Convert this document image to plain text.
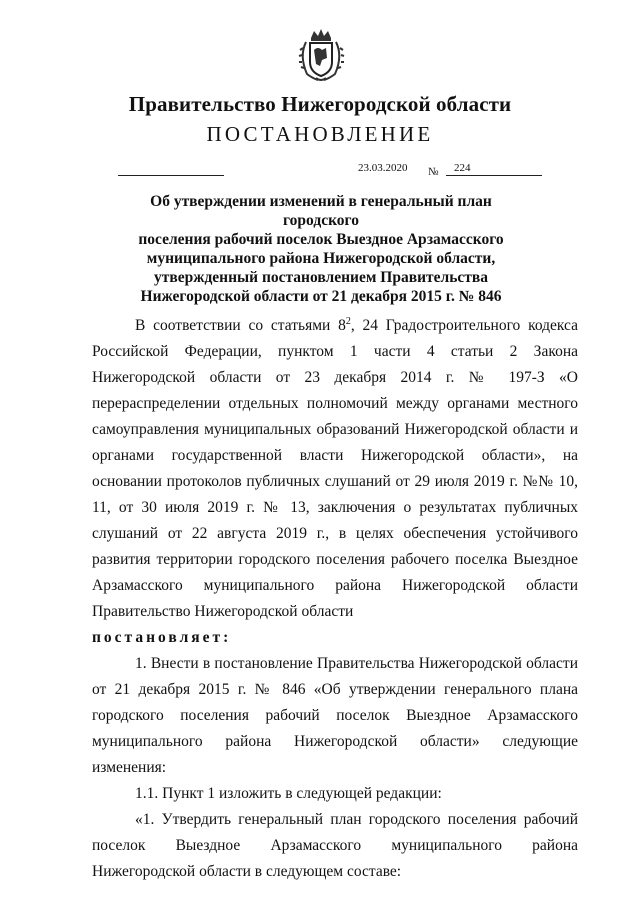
Правительство Нижегородской области
ПОСТАНОВЛЕНИЕ
23.03.2020 № 224
Об утверждении изменений в генеральный план городского
поселения рабочий поселок Выездное Арзамасского
муниципального района Нижегородской области,
утвержденный постановлением Правительства
Нижегородской области от 21 декабря 2015 г. № 846

В соответствии со статьями $8^2$, 24 Градостроительного кодекса Российской Федерации, пунктом 1 части 4 статьи 2 Закона Нижегородской области от 23 декабря 2014 г. № 197-З «О перераспределении отдельных полномочий между органами местного самоуправления муниципальных образований Нижегородской области и органами государственной власти Нижегородской области», на основании протоколов публичных слушаний от 29 июля 2019 г. №№ 10, 11, от 30 июля 2019 г. № 13, заключения о результатах публичных слушаний от 22 августа 2019 г., в целях обеспечения устойчивого развития территории городского поселения рабочего поселка Выездное Арзамасского муниципального района Нижегородской области Правительство Нижегородской области

постановляет:

1. Внести в постановление Правительства Нижегородской области от 21 декабря 2015 г. № 846 «Об утверждении генерального плана городского поселения рабочий поселок Выездное Арзамасского муниципального района Нижегородской области» следующие изменения:

1.1. Пункт 1 изложить в следующей редакции:

«1. Утвердить генеральный план городского поселения рабочий поселок Выездное Арзамасского муниципального района Нижегородской области в следующем составе:
